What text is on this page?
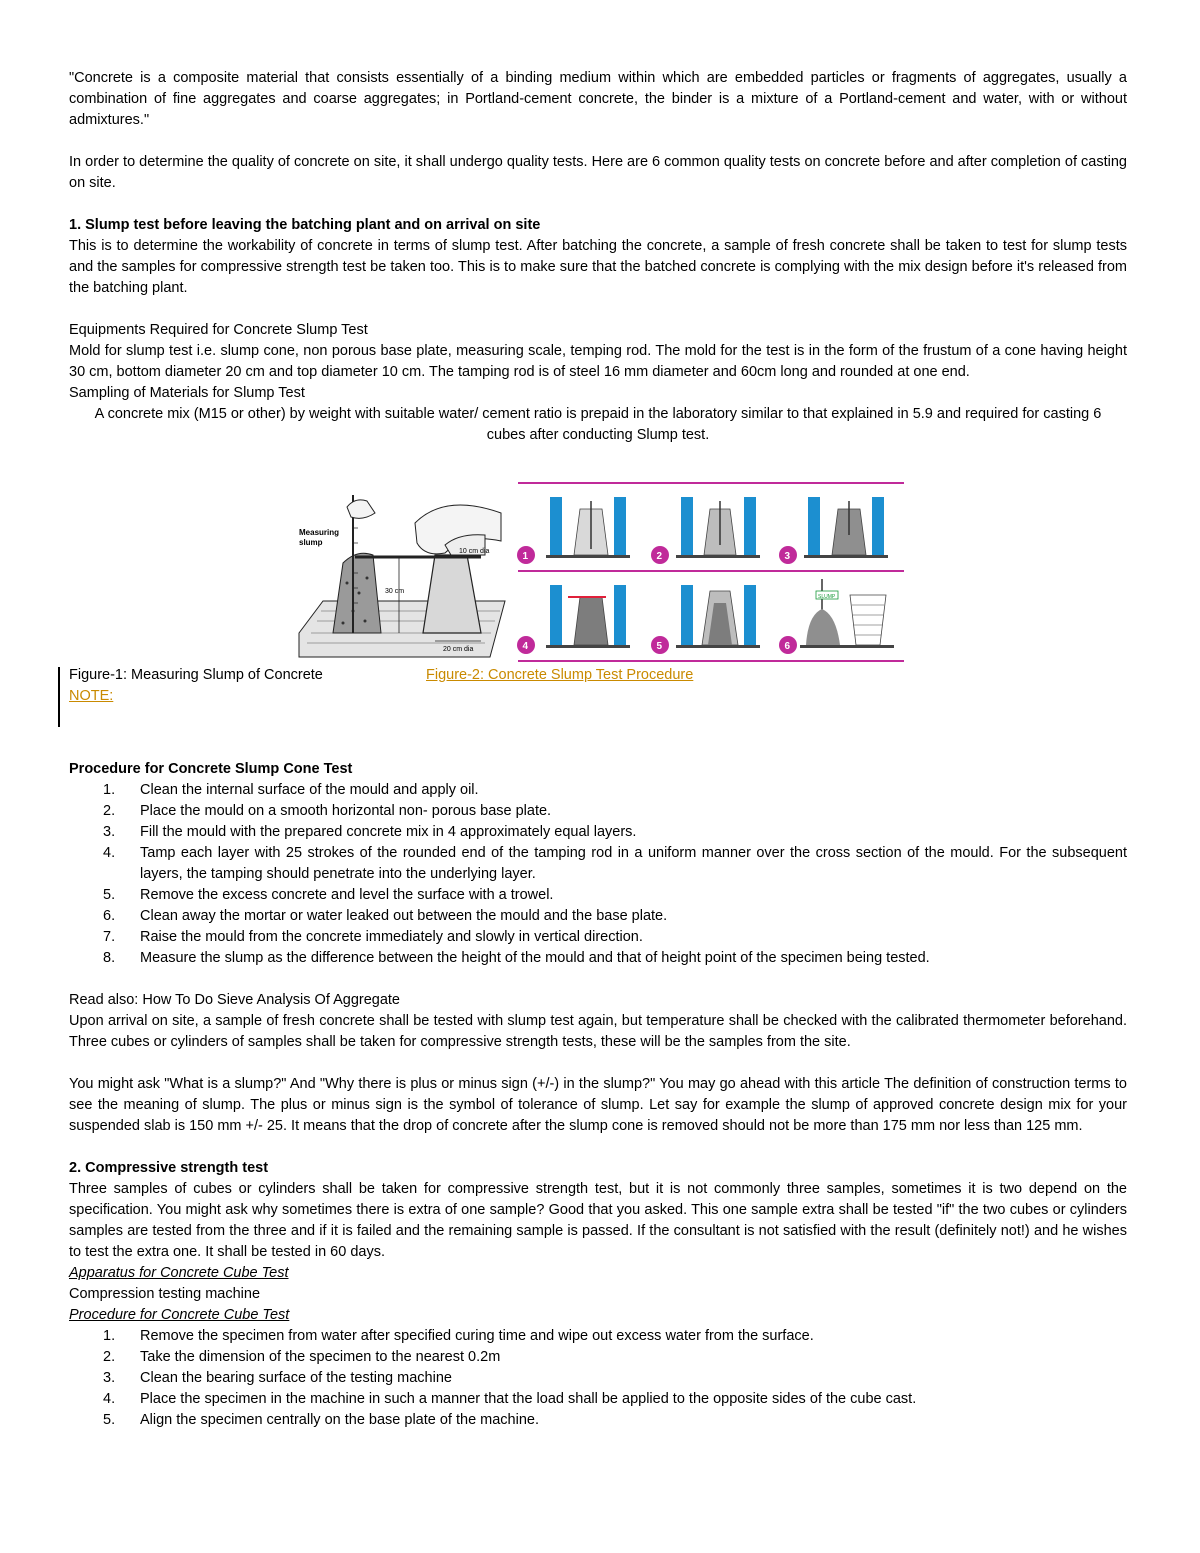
"Concrete is a composite material that consists essentially of a binding medium within which are embedded particles or fragments of aggregates, usually a combination of fine aggregates and coarse aggregates; in Portland-cement concrete, the binder is a mixture of a Portland-cement and water, with or without admixtures."

In order to determine the quality of concrete on site, it shall undergo quality tests. Here are 6 common quality tests on concrete before and after completion of casting on site.

1. Slump test before leaving the batching plant and on arrival on site

This is to determine the workability of concrete in terms of slump test. After batching the concrete, a sample of fresh concrete shall be taken to test for slump tests and the samples for compressive strength test be taken too. This is to make sure that the batched concrete is complying with the mix design before it's released from the batching plant.

Equipments Required for Concrete Slump Test

Mold for slump test i.e. slump cone, non porous base plate, measuring scale, temping rod. The mold for the test is in the form of the frustum of a cone having height 30 cm, bottom diameter 20 cm and top diameter 10 cm. The tamping rod is of steel 16 mm diameter and 60cm long and rounded at one end.

Sampling of Materials for Slump Test

A concrete mix (M15 or other) by weight with suitable water/ cement ratio is prepaid in the laboratory similar to that explained in 5.9 and required for casting 6 cubes after conducting Slump test.

Measuring
slump
10 cm dia
30 cm
20 cm dia
SLUMP
1	2	3
4	5	6
Figure-1: Measuring Slump of Concrete	Figure-2: Concrete Slump Test Procedure
NOTE:
Procedure for Concrete Slump Cone Test
1. Clean the internal surface of the mould and apply oil.
2. Place the mould on a smooth horizontal non- porous base plate.
3. Fill the mould with the prepared concrete mix in 4 approximately equal layers.
4. Tamp each layer with 25 strokes of the rounded end of the tamping rod in a uniform manner over the cross section of the mould. For the subsequent layers, the tamping should penetrate into the underlying layer.
5. Remove the excess concrete and level the surface with a trowel.
6. Clean away the mortar or water leaked out between the mould and the base plate.
7. Raise the mould from the concrete immediately and slowly in vertical direction.
8. Measure the slump as the difference between the height of the mould and that of height point of the specimen being tested.

Read also: How To Do Sieve Analysis Of Aggregate

Upon arrival on site, a sample of fresh concrete shall be tested with slump test again, but temperature shall be checked with the calibrated thermometer beforehand. Three cubes or cylinders of samples shall be taken for compressive strength tests, these will be the samples from the site.

You might ask "What is a slump?" And "Why there is plus or minus sign (+/-) in the slump?" You may go ahead with this article The definition of construction terms to see the meaning of slump. The plus or minus sign is the symbol of tolerance of slump. Let say for example the slump of approved concrete design mix for your suspended slab is 150 mm +/- 25. It means that the drop of concrete after the slump cone is removed should not be more than 175 mm nor less than 125 mm.

2. Compressive strength test

Three samples of cubes or cylinders shall be taken for compressive strength test, but it is not commonly three samples, sometimes it is two depend on the specification. You might ask why sometimes there is extra of one sample? Good that you asked. This one sample extra shall be tested "if" the two cubes or cylinders samples are tested from the three and if it is failed and the remaining sample is passed. If the consultant is not satisfied with the result (definitely not!) and he wishes to test the extra one. It shall be tested in 60 days.

Apparatus for Concrete Cube Test

Compression testing machine

Procedure for Concrete Cube Test
1. Remove the specimen from water after specified curing time and wipe out excess water from the surface.
2. Take the dimension of the specimen to the nearest 0.2m
3. Clean the bearing surface of the testing machine
4. Place the specimen in the machine in such a manner that the load shall be applied to the opposite sides of the cube cast.
5. Align the specimen centrally on the base plate of the machine.
